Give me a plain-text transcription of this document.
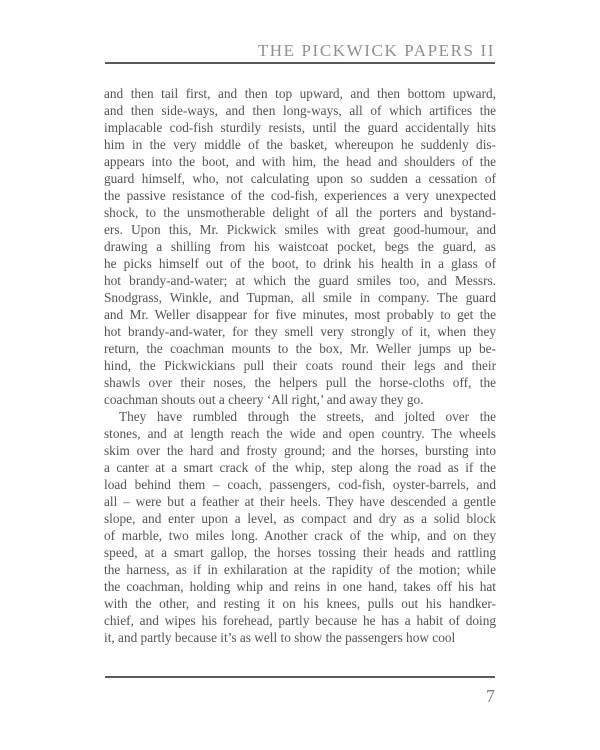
THE PICKWICK PAPERS II
and then tail first, and then top upward, and then bottom upward,
and then side-ways, and then long-ways, all of which artifices the
implacable cod-fish sturdily resists, until the guard accidentally hits
him in the very middle of the basket, whereupon he suddenly dis-
appears into the boot, and with him, the head and shoulders of the
guard himself, who, not calculating upon so sudden a cessation of
the passive resistance of the cod-fish, experiences a very unexpected
shock, to the unsmotherable delight of all the porters and bystand-
ers. Upon this, Mr. Pickwick smiles with great good-humour, and
drawing a shilling from his waistcoat pocket, begs the guard, as
he picks himself out of the boot, to drink his health in a glass of
hot brandy-and-water; at which the guard smiles too, and Messrs.
Snodgrass, Winkle, and Tupman, all smile in company. The guard
and Mr. Weller disappear for five minutes, most probably to get the
hot brandy-and-water, for they smell very strongly of it, when they
return, the coachman mounts to the box, Mr. Weller jumps up be-
hind, the Pickwickians pull their coats round their legs and their
shawls over their noses, the helpers pull the horse-cloths off, the
coachman shouts out a cheery ‘All right,’ and away they go.
They have rumbled through the streets, and jolted over the
stones, and at length reach the wide and open country. The wheels
skim over the hard and frosty ground; and the horses, bursting into
a canter at a smart crack of the whip, step along the road as if the
load behind them – coach, passengers, cod-fish, oyster-barrels, and
all – were but a feather at their heels. They have descended a gentle
slope, and enter upon a level, as compact and dry as a solid block
of marble, two miles long. Another crack of the whip, and on they
speed, at a smart gallop, the horses tossing their heads and rattling
the harness, as if in exhilaration at the rapidity of the motion; while
the coachman, holding whip and reins in one hand, takes off his hat
with the other, and resting it on his knees, pulls out his handker-
chief, and wipes his forehead, partly because he has a habit of doing
it, and partly because it’s as well to show the passengers how cool
7
